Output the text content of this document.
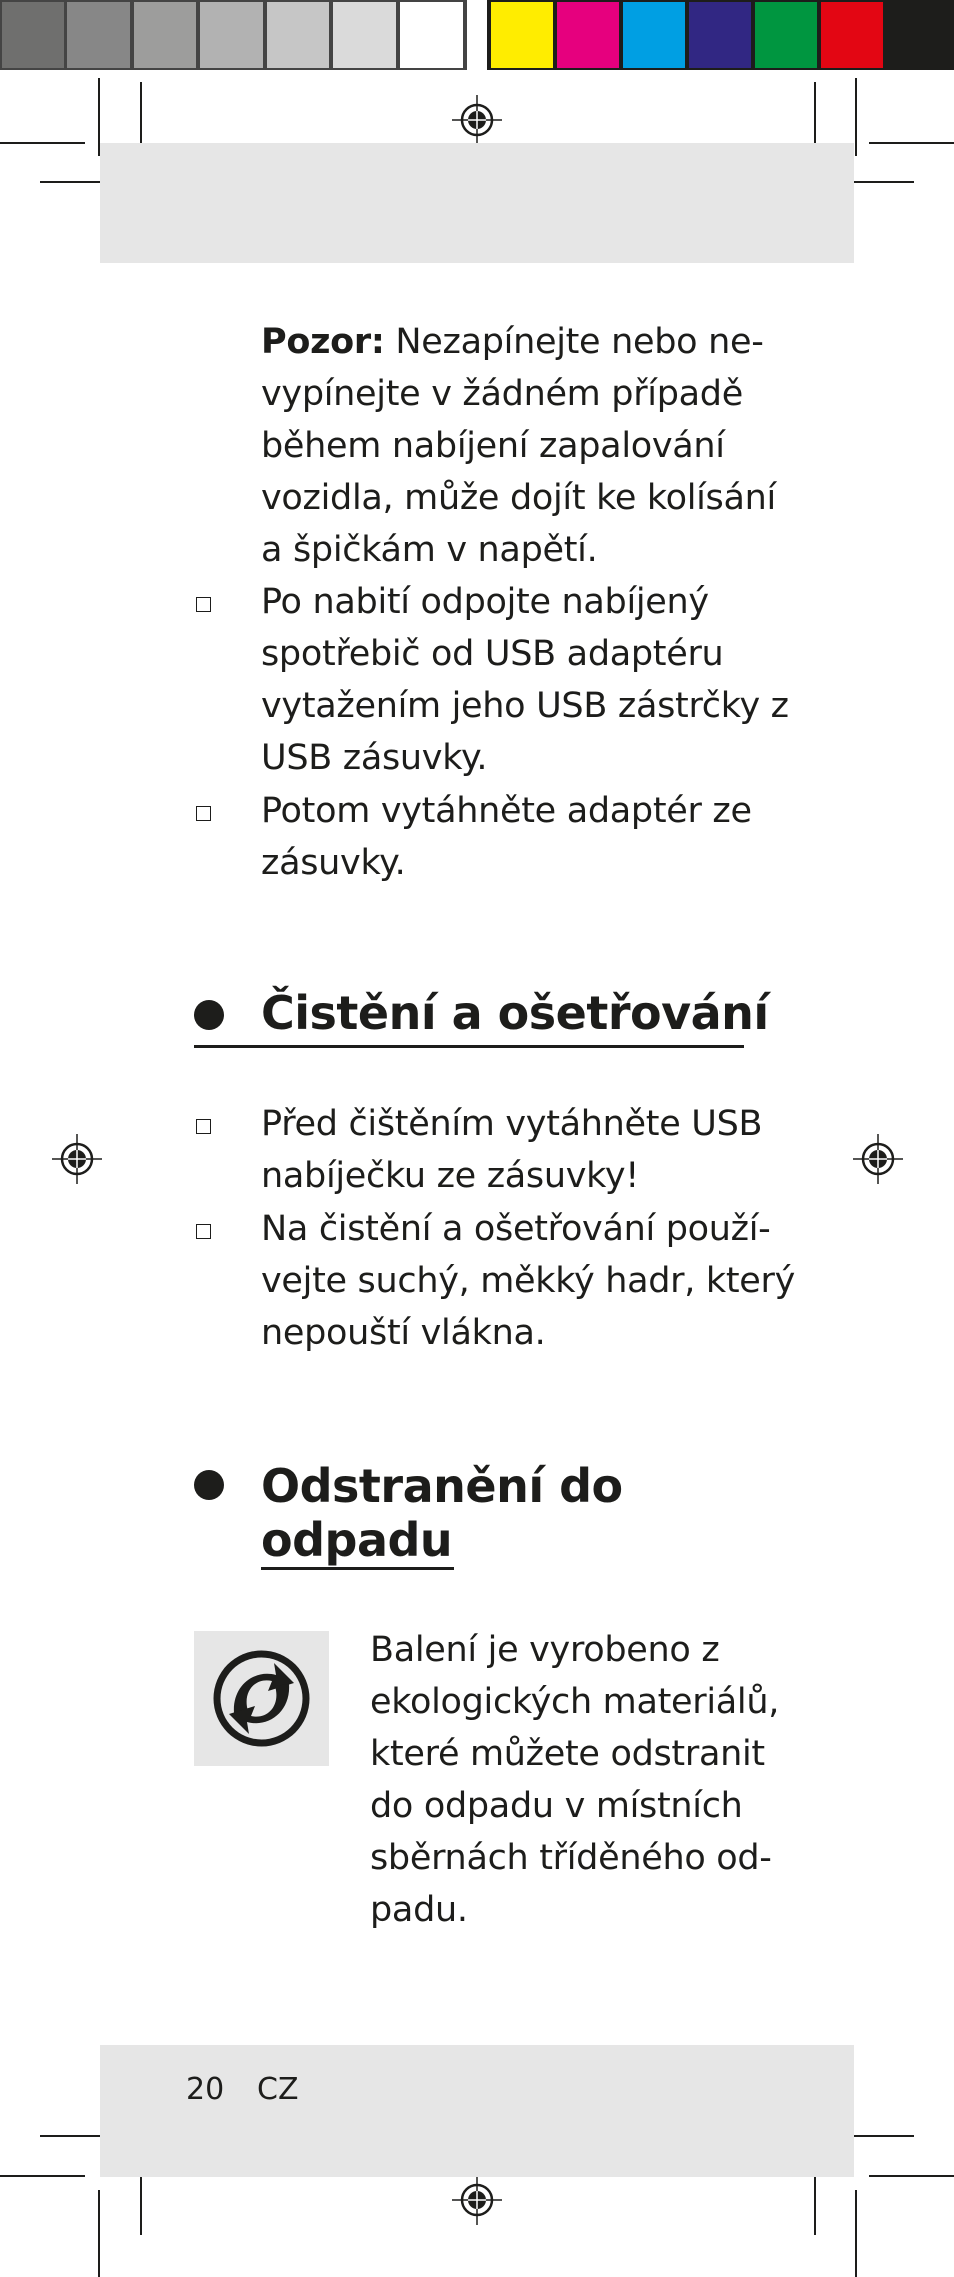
Pozor: Nezapínejte nebo ne-
vypínejte v žádném případě
během nabíjení zapalování
vozidla, může dojít ke kolísání
a špičkám v napětí.
Po nabití odpojte nabíjený
spotřebič od USB adaptéru
vytažením jeho USB zástrčky z
USB zásuvky.
Potom vytáhněte adaptér ze
zásuvky.
Čistění a ošetřování
Před čištěním vytáhněte USB
nabíječku ze zásuvky!
Na čistění a ošetřování použí-
vejte suchý, měkký hadr, který
nepouští vlákna.
Odstranění do
odpadu
Balení je vyrobeno z
ekologických materiálů,
které můžete odstranit
do odpadu v místních
sběrnách tříděného od-
padu.
20 CZ
